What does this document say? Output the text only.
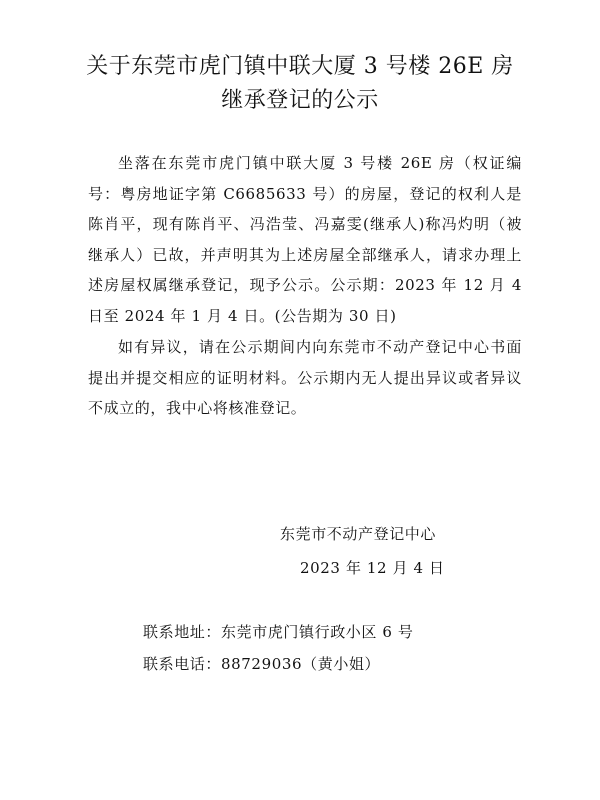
关于东莞市虎门镇中联大厦 3 号楼 26E 房
继承登记的公示

坐落在东莞市虎门镇中联大厦 3 号楼 26E 房（权证编号：粤房地证字第 C6685633 号）的房屋，登记的权利人是陈肖平，现有陈肖平、冯浩莹、冯嘉雯(继承人)称冯灼明（被继承人）已故，并声明其为上述房屋全部继承人，请求办理上述房屋权属继承登记，现予公示。公示期：2023 年 12 月 4 日至 2024 年 1 月 4 日。(公告期为 30 日)

如有异议，请在公示期间内向东莞市不动产登记中心书面提出并提交相应的证明材料。公示期内无人提出异议或者异议不成立的，我中心将核准登记。

东莞市不动产登记中心
2023 年 12 月 4 日
联系地址：东莞市虎门镇行政小区 6 号
联系电话：88729036（黄小姐）
